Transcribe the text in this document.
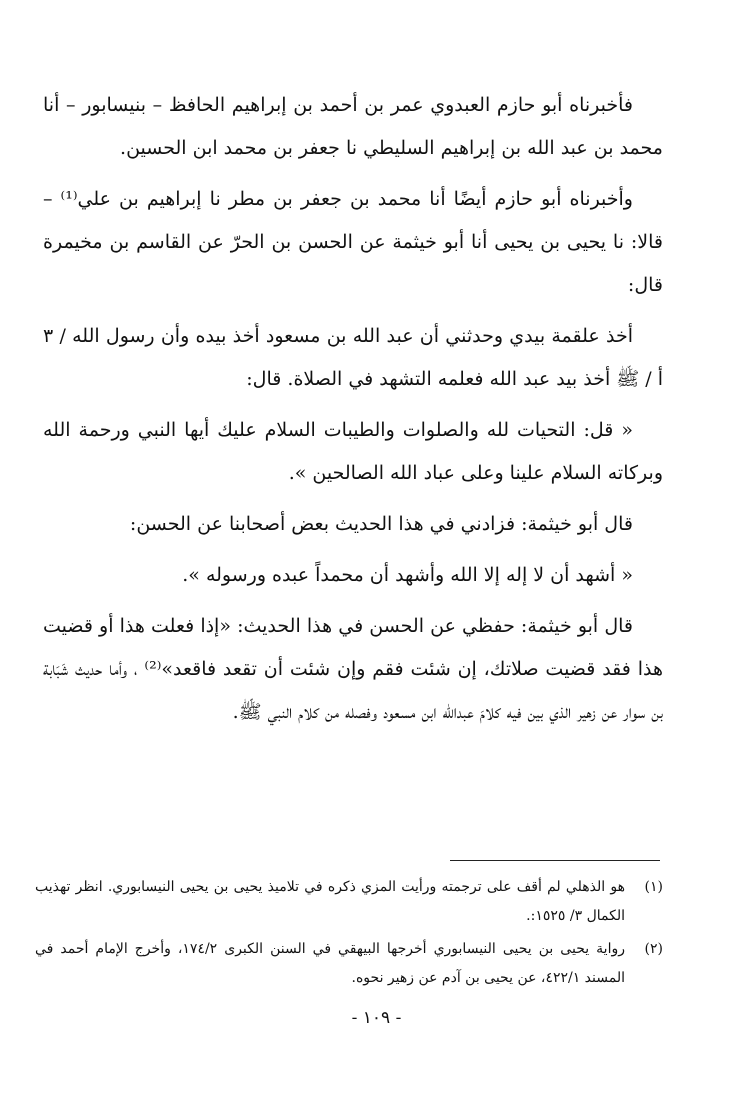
فأخبرناه أبو حازم العبدوي عمر بن أحمد بن إبراهيم الحافظ – بنيسابور – أنا محمد بن عبد الله بن إبراهيم السليطي نا جعفر بن محمد ابن الحسين.

وأخبرناه أبو حازم أيضًا أنا محمد بن جعفر بن مطر نا إبراهيم بن علي⁽¹⁾ – قالا: نا يحيى بن يحيى أنا أبو خيثمة عن الحسن بن الحرّ عن القاسم بن مخيمرة قال:

أخذ علقمة بيدي وحدثني أن عبد الله بن مسعود أخذ بيده وأن رسول الله / ٣ أ / ﷺ أخذ بيد عبد الله فعلمه التشهد في الصلاة. قال:

« قل: التحيات لله والصلوات والطيبات السلام عليك أيها النبي ورحمة الله وبركاته السلام علينا وعلى عباد الله الصالحين ».

قال أبو خيثمة: فزادني في هذا الحديث بعض أصحابنا عن الحسن:

« أشهد أن لا إله إلا الله وأشهد أن محمداً عبده ورسوله ».

قال أبو خيثمة: حفظي عن الحسن في هذا الحديث: «إذا فعلت هذا أو قضيت هذا فقد قضيت صلاتك، إن شئت فقم وإن شئت أن تقعد فاقعد»⁽²⁾ ، وأما حديث شَبَابة بن سوار عن زهير الذي بين فيه كلامَ عبدالله ابن مسعود وفصله من كلام النبي ﷺ.

(١)
هو الذهلي لم أقف على ترجمته ورأيت المزي ذكره في تلاميذ يحيى بن يحيى النيسابوري. انظر تهذيب الكمال ٣/ ١٥٢٥:.

(٢)
رواية يحيى بن يحيى النيسابوري أخرجها البيهقي في السنن الكبرى ١٧٤/٢، وأخرج الإمام أحمد في المسند ٤٢٢/١، عن يحيى بن آدم عن زهير نحوه.

- ١٠٩ -
